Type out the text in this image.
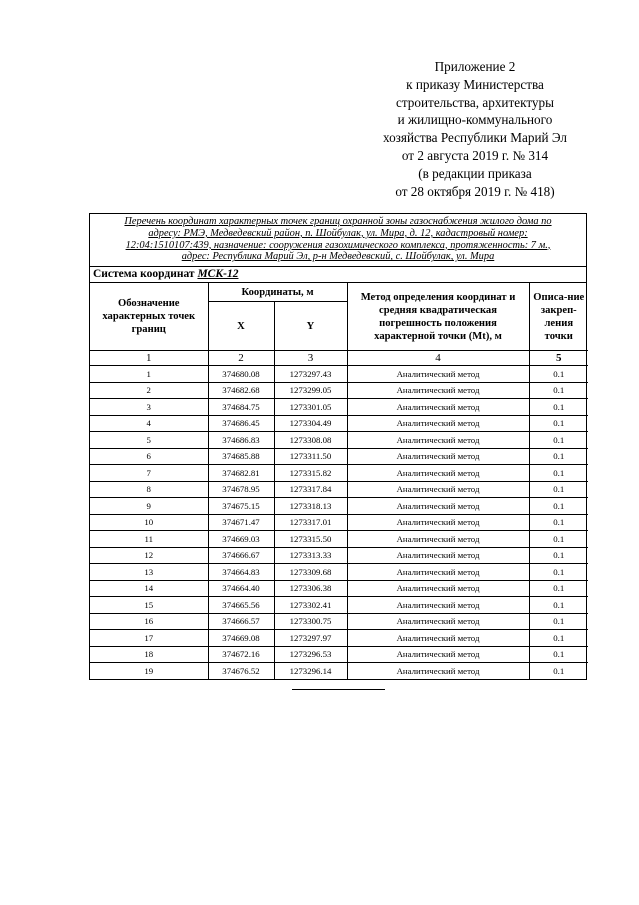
Приложение 2
к приказу Министерства
строительства, архитектуры
и жилищно-коммунального
хозяйства Республики Марий Эл
от 2 августа 2019 г. № 314
(в редакции приказа
от 28 октября 2019 г. № 418)
Перечень координат характерных точек границ охранной зоны газоснабжения жилого дома по
адресу: РМЭ, Медведевский район, п. Шойбулак, ул. Мира, д. 12, кадастровый номер:
12:04:1510107:439, назначение: сооружения газохимического комплекса, протяженность: 7 м.,
адрес: Республика Марий Эл, р-н Медведевский, с. Шойбулак, ул. Мира
Система координат МСК-12
Обозначение характерных точек границ	Координаты, м		Метод определения координат и средняя квадратическая погрешность положения характерной точки (Mt), м	Описа-ние закреп-ления точки
	X	Y		
1	2	3	4	5
1	374680.08	1273297.43	Аналитический метод	0.1
2	374682.68	1273299.05	Аналитический метод	0.1
3	374684.75	1273301.05	Аналитический метод	0.1
4	374686.45	1273304.49	Аналитический метод	0.1
5	374686.83	1273308.08	Аналитический метод	0.1
6	374685.88	1273311.50	Аналитический метод	0.1
7	374682.81	1273315.82	Аналитический метод	0.1
8	374678.95	1273317.84	Аналитический метод	0.1
9	374675.15	1273318.13	Аналитический метод	0.1
10	374671.47	1273317.01	Аналитический метод	0.1
11	374669.03	1273315.50	Аналитический метод	0.1
12	374666.67	1273313.33	Аналитический метод	0.1
13	374664.83	1273309.68	Аналитический метод	0.1
14	374664.40	1273306.38	Аналитический метод	0.1
15	374665.56	1273302.41	Аналитический метод	0.1
16	374666.57	1273300.75	Аналитический метод	0.1
17	374669.08	1273297.97	Аналитический метод	0.1
18	374672.16	1273296.53	Аналитический метод	0.1
19	374676.52	1273296.14	Аналитический метод	0.1
